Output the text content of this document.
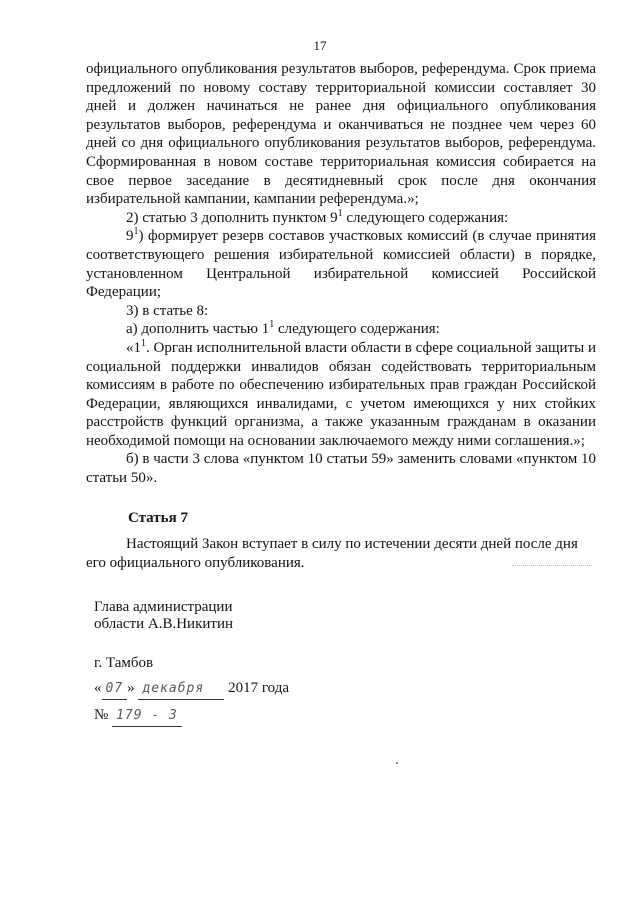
17

официального опубликования результатов выборов, референдума. Срок приема предложений по новому составу территориальной комиссии составляет 30 дней и должен начинаться не ранее дня официального опубликования результатов выборов, референдума и оканчиваться не позднее чем через 60 дней со дня официального опубликования результатов выборов, референдума. Сформированная в новом составе территориальная комиссия собирается на свое первое заседание в десятидневный срок после дня окончания избирательной кампании, кампании референдума.»;

2) статью 3 дополнить пунктом $9^1$ следующего содержания:

$9^1$) формирует резерв составов участковых комиссий (в случае принятия соответствующего решения избирательной комиссией области) в порядке, установленном Центральной избирательной комиссией Российской Федерации;

3) в статье 8:

а) дополнить частью $1^1$ следующего содержания:

«$1^1$. Орган исполнительной власти области в сфере социальной защиты и социальной поддержки инвалидов обязан содействовать территориальным комиссиям в работе по обеспечению избирательных прав граждан Российской Федерации, являющихся инвалидами, с учетом имеющихся у них стойких расстройств функций организма, а также указанным гражданам в оказании необходимой помощи на основании заключаемого между ними соглашения.»;

б) в части 3 слова «пунктом 10 статьи 59» заменить словами «пунктом 10 статьи 50».

Статья 7
Настоящий Закон вступает в силу по истечении десяти дней после дня
его официального опубликования.
Глава администрации
области А.В.Никитин
г. Тамбов
« 07 » декабря 2017 года
№ 179 - 3
